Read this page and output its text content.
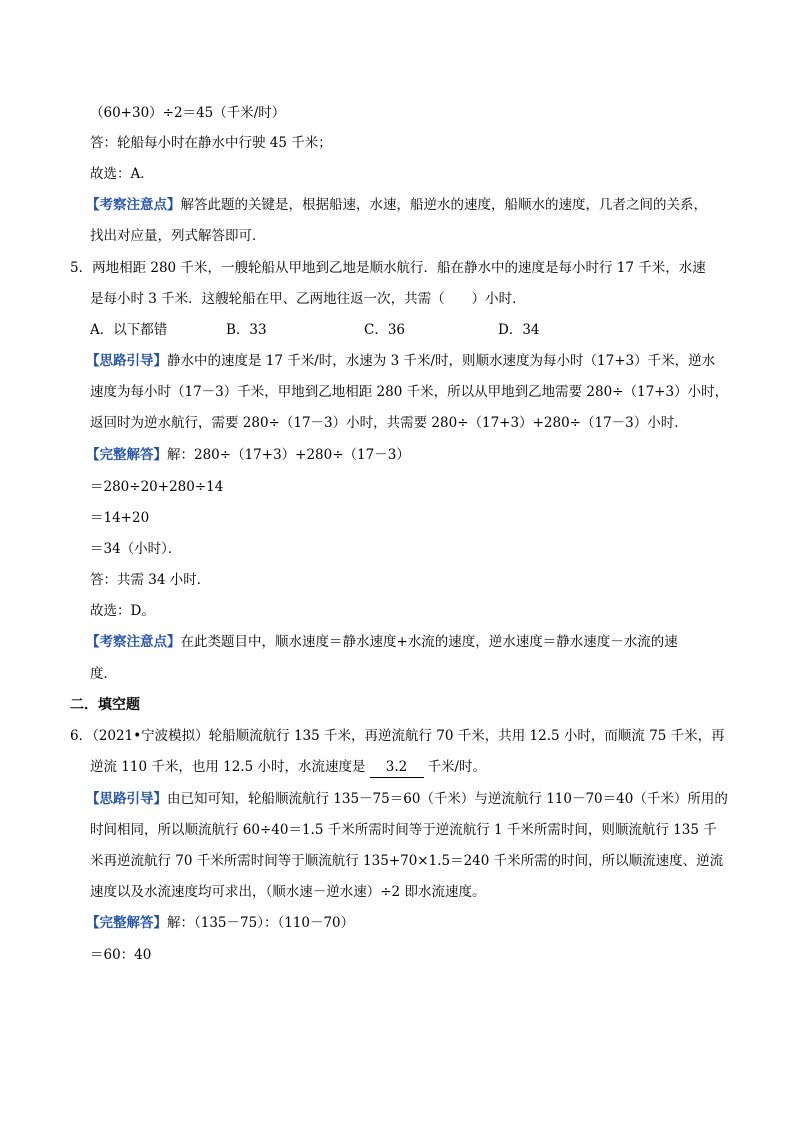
（60+30）÷2＝45（千米/时）
答：轮船每小时在静水中行驶 45 千米；
故选：A．
【考察注意点】解答此题的关键是，根据船速，水速，船逆水的速度，船顺水的速度，几者之间的关系，
找出对应量，列式解答即可．
5．两地相距 280 千米，一艘轮船从甲地到乙地是顺水航行．船在静水中的速度是每小时行 17 千米，水速
是每小时 3 千米．这艘轮船在甲、乙两地往返一次，共需（　　）小时．
A．以下都错	B．33	C．36	D．34
【思路引导】静水中的速度是 17 千米/时，水速为 3 千米/时，则顺水速度为每小时（17+3）千米，逆水
速度为每小时（17－3）千米，甲地到乙地相距 280 千米，所以从甲地到乙地需要 280÷（17+3）小时，
返回时为逆水航行，需要 280÷（17－3）小时，共需要 280÷（17+3）+280÷（17－3）小时．
【完整解答】解：280÷（17+3）+280÷（17－3）
＝280÷20+280÷14
＝14+20
＝34（小时）．
答：共需 34 小时．
故选：D。
【考察注意点】在此类题目中，顺水速度＝静水速度+水流的速度，逆水速度＝静水速度－水流的速
度．
二．填空题
6．（2021•宁波模拟）轮船顺流航行 135 千米，再逆流航行 70 千米，共用 12.5 小时，而顺流 75 千米，再
逆流 110 千米，也用 12.5 小时，水流速度是 3.2 千米/时。
【思路引导】由已知可知，轮船顺流航行 135－75＝60（千米）与逆流航行 110－70＝40（千米）所用的
时间相同，所以顺流航行 60÷40＝1.5 千米所需时间等于逆流航行 1 千米所需时间，则顺流航行 135 千
米再逆流航行 70 千米所需时间等于顺流航行 135+70×1.5＝240 千米所需的时间，所以顺流速度、逆流
速度以及水流速度均可求出，（顺水速－逆水速）÷2 即水流速度。
【完整解答】解：（135－75）：（110－70）
＝60：40
